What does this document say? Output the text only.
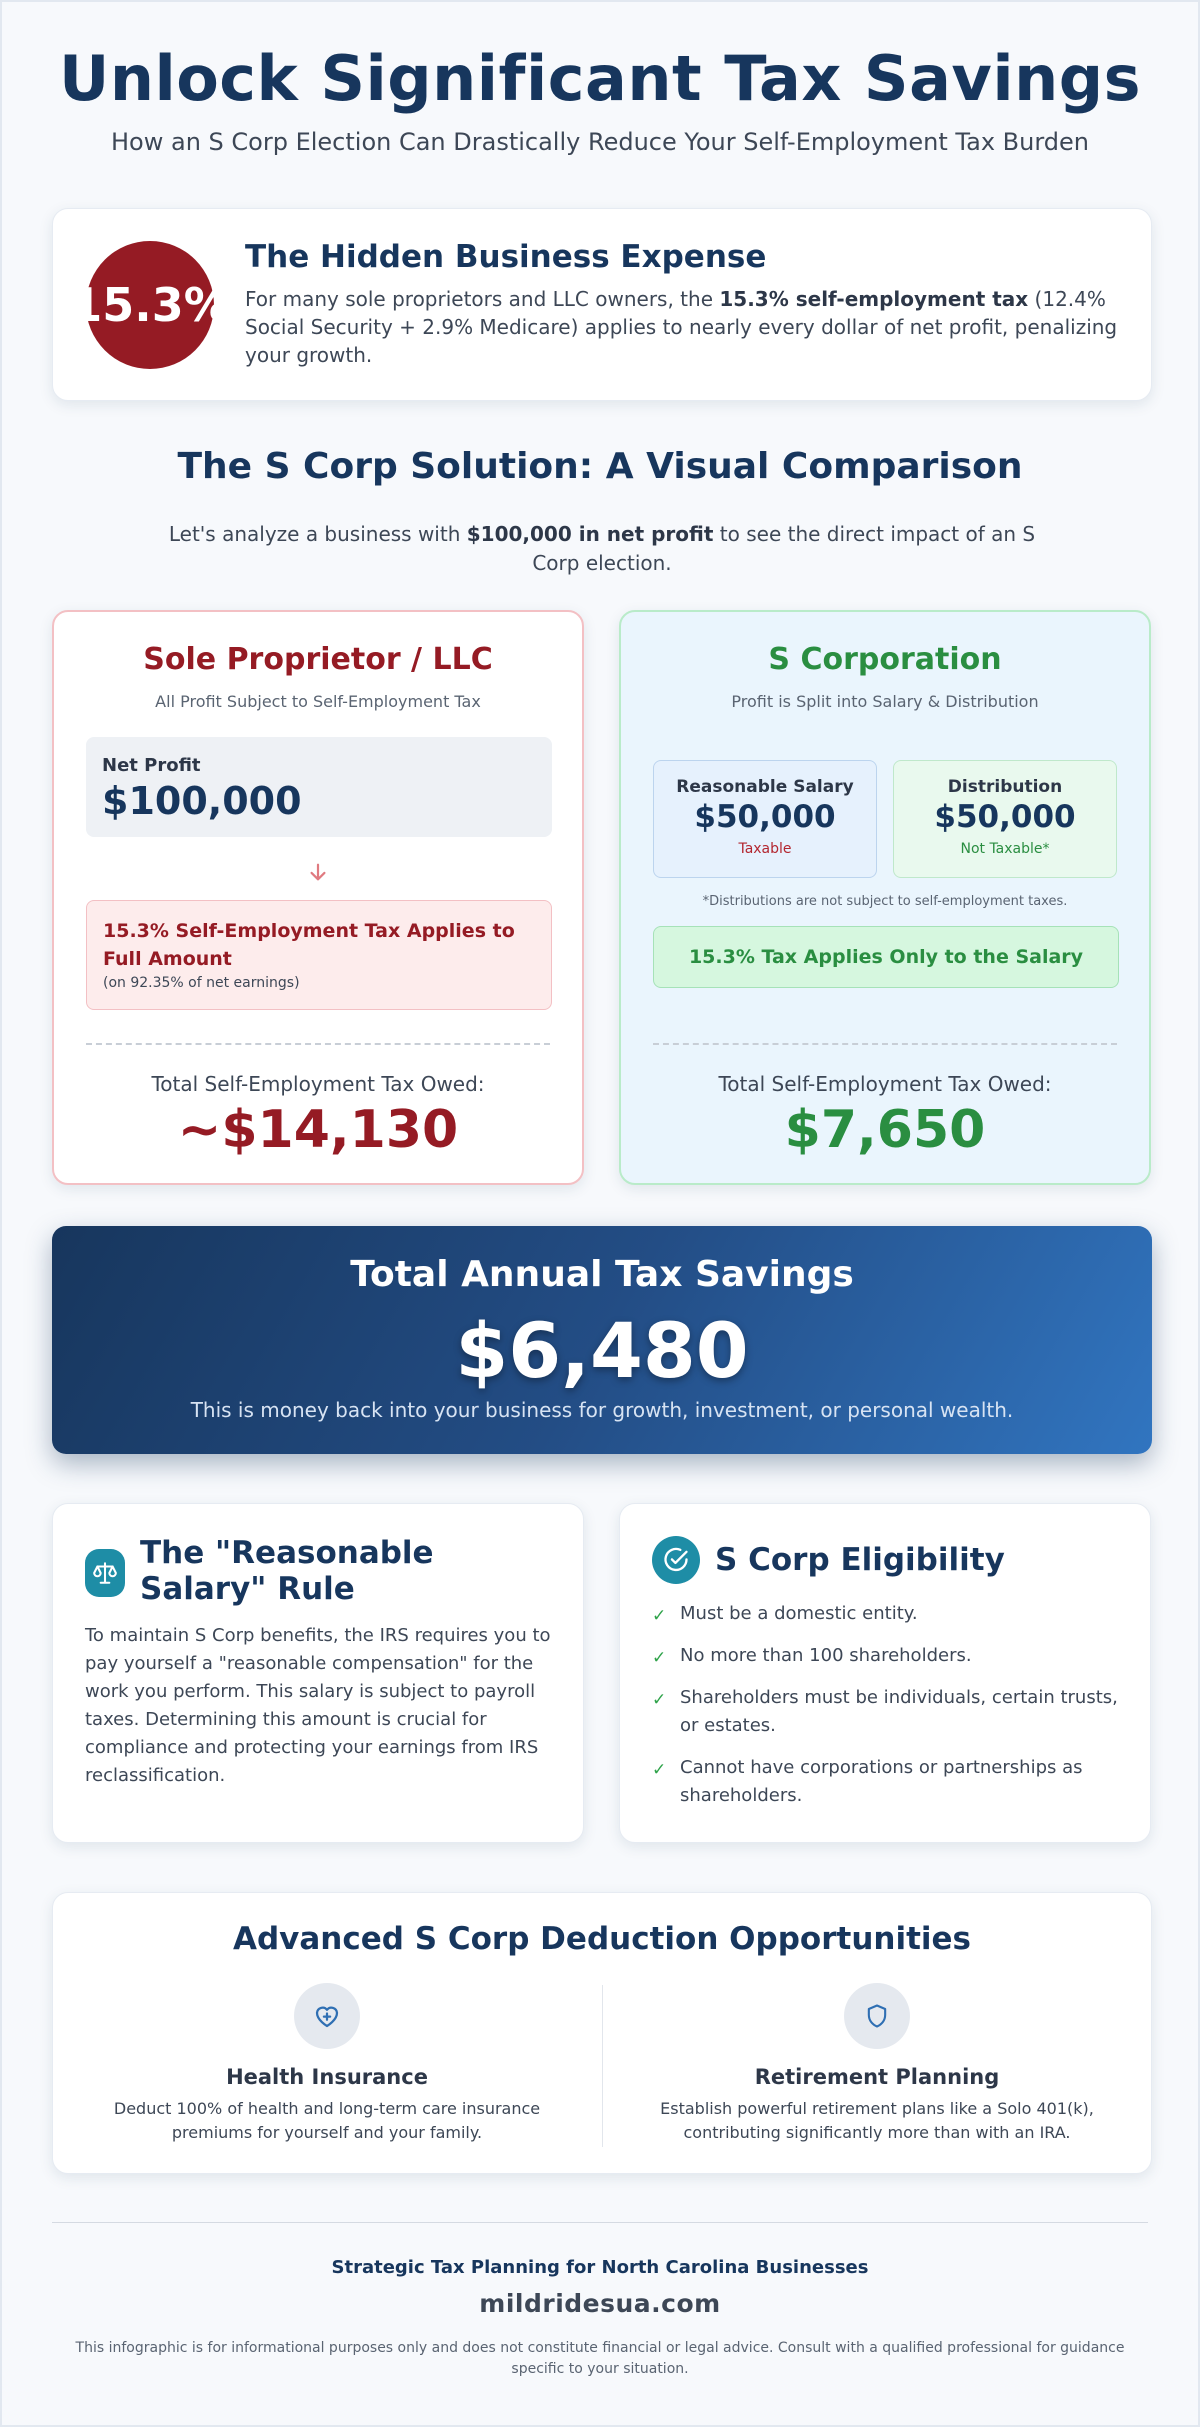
Unlock Significant Tax Savings
How an S Corp Election Can Drastically Reduce Your Self-Employment Tax Burden
15.3%
The Hidden Business Expense
For many sole proprietors and LLC owners, the 15.3% self-employment tax (12.4% Social Security + 2.9% Medicare) applies to nearly every dollar of net profit, penalizing your growth.
The S Corp Solution: A Visual Comparison
Let's analyze a business with $100,000 in net profit to see the direct impact of an S Corp election.
Sole Proprietor / LLC
All Profit Subject to Self-Employment Tax
Net Profit
$100,000
15.3% Self-Employment Tax Applies to Full Amount
(on 92.35% of net earnings)
Total Self-Employment Tax Owed:
~$14,130
S Corporation
Profit is Split into Salary & Distribution
Reasonable Salary
$50,000
Taxable
Distribution
$50,000
Not Taxable*
*Distributions are not subject to self-employment taxes.
15.3% Tax Applies Only to the Salary
Total Self-Employment Tax Owed:
$7,650
Total Annual Tax Savings
$6,480
This is money back into your business for growth, investment, or personal wealth.
The "Reasonable Salary" Rule
To maintain S Corp benefits, the IRS requires you to pay yourself a "reasonable compensation" for the work you perform. This salary is subject to payroll taxes. Determining this amount is crucial for compliance and protecting your earnings from IRS reclassification.
S Corp Eligibility
✓ Must be a domestic entity.
✓ No more than 100 shareholders.
✓ Shareholders must be individuals, certain trusts, or estates.
✓ Cannot have corporations or partnerships as shareholders.
Advanced S Corp Deduction Opportunities
Health Insurance
Deduct 100% of health and long-term care insurance premiums for yourself and your family.
Retirement Planning
Establish powerful retirement plans like a Solo 401(k), contributing significantly more than with an IRA.
Strategic Tax Planning for North Carolina Businesses
mildridesua.com
This infographic is for informational purposes only and does not constitute financial or legal advice. Consult with a qualified professional for guidance specific to your situation.
